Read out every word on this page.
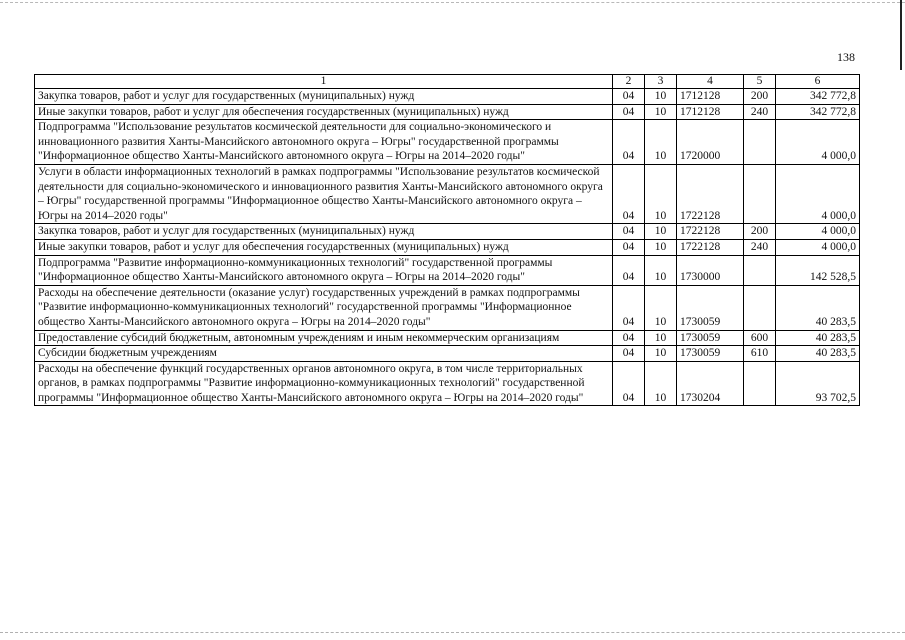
138
1	2	3	4	5	6
Закупка товаров, работ и услуг для государственных (муниципальных) нужд	04	10	1712128	200	342 772,8
Иные закупки товаров, работ и услуг для обеспечения государственных (муниципальных) нужд	04	10	1712128	240	342 772,8
Подпрограмма "Использование результатов космической деятельности для социально-экономического и инновационного развития Ханты-Мансийского автономного округа – Югры" государственной программы "Информационное общество Ханты-Мансийского автономного округа – Югры на 2014–2020 годы"	04	10	1720000		4 000,0
Услуги в области информационных технологий в рамках подпрограммы "Использование результатов космической деятельности для социально-экономического и инновационного развития Ханты-Мансийского автономного округа – Югры" государственной программы "Информационное общество Ханты-Мансийского автономного округа – Югры на 2014–2020 годы"	04	10	1722128		4 000,0
Закупка товаров, работ и услуг для государственных (муниципальных) нужд	04	10	1722128	200	4 000,0
Иные закупки товаров, работ и услуг для обеспечения государственных (муниципальных) нужд	04	10	1722128	240	4 000,0
Подпрограмма "Развитие информационно-коммуникационных технологий" государственной программы "Информационное общество Ханты-Мансийского автономного округа – Югры на 2014–2020 годы"	04	10	1730000		142 528,5
Расходы на обеспечение деятельности (оказание услуг) государственных учреждений в рамках подпрограммы "Развитие информационно-коммуникационных технологий" государственной программы "Информационное общество Ханты-Мансийского автономного округа – Югры на 2014–2020 годы"	04	10	1730059		40 283,5
Предоставление субсидий бюджетным, автономным учреждениям и иным некоммерческим организациям	04	10	1730059	600	40 283,5
Субсидии бюджетным учреждениям	04	10	1730059	610	40 283,5
Расходы на обеспечение функций государственных органов автономного округа, в том числе территориальных органов, в рамках подпрограммы "Развитие информационно-коммуникационных технологий" государственной программы "Информационное общество Ханты-Мансийского автономного округа – Югры на 2014–2020 годы"	04	10	1730204		93 702,5
